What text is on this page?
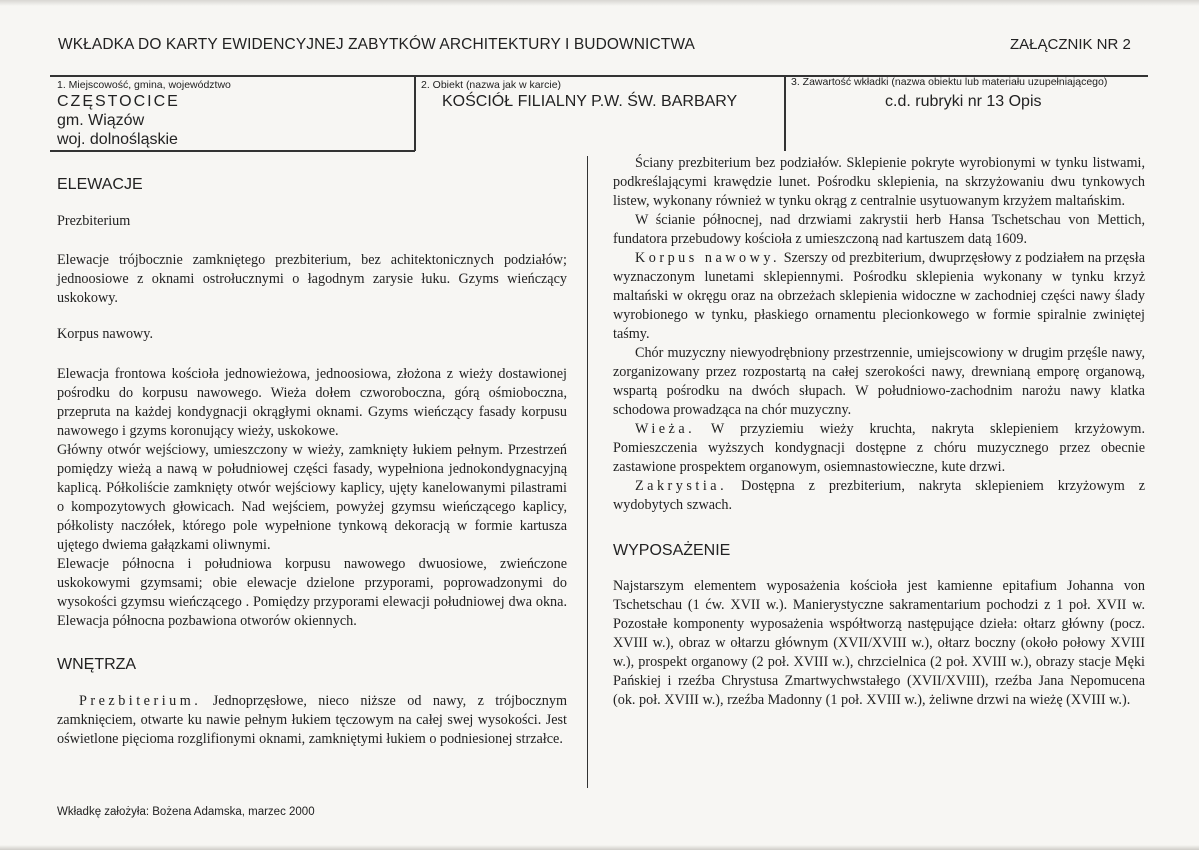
WKŁADKA DO KARTY EWIDENCYJNEJ ZABYTKÓW ARCHITEKTURY I BUDOWNICTWA	ZAŁĄCZNIK NR 2
1. Miejscowość, gmina, województwo
CZĘSTOCICE
gm. Wiązów
woj. dolnośląskie
2. Obiekt (nazwa jak w karcie)
KOŚCIÓŁ FILIALNY P.W. ŚW. BARBARY
3. Zawartość wkładki (nazwa obiektu lub materiału uzupełniającego)
c.d. rubryki nr 13 Opis
ELEWACJE
Prezbiterium
Elewacje trójbocznie zamkniętego prezbiterium, bez achitektonicznych podziałów; jednoosiowe z oknami ostrołucznymi o łagodnym zarysie łuku. Gzyms wieńczący uskokowy.
Korpus nawowy.

Elewacja frontowa kościoła jednowieżowa, jednoosiowa, złożona z wieży dostawionej pośrodku do korpusu nawowego. Wieża dołem czworoboczna, górą ośmioboczna, przepruta na każdej kondygnacji okrągłymi oknami. Gzyms wieńczący fasady korpusu nawowego i gzyms koronujący wieży, uskokowe.

Główny otwór wejściowy, umieszczony w wieży, zamknięty łukiem pełnym. Przestrzeń pomiędzy wieżą a nawą w południowej części fasady, wypełniona jednokondygnacyjną kaplicą. Półkoliście zamknięty otwór wejściowy kaplicy, ujęty kanelowanymi pilastrami o kompozytowych głowicach. Nad wejściem, powyżej gzymsu wieńczącego kaplicy, półkolisty naczółek, którego pole wypełnione tynkową dekoracją w formie kartusza ujętego dwiema gałązkami oliwnymi.

Elewacje północna i południowa korpusu nawowego dwuosiowe, zwieńczone uskokowymi gzymsami; obie elewacje dzielone przyporami, poprowadzonymi do wysokości gzymsu wieńczącego . Pomiędzy przyporami elewacji południowej dwa okna. Elewacja północna pozbawiona otworów okiennych.

WNĘTRZA
Prezbiterium. Jednoprzęsłowe, nieco niższe od nawy, z trójbocznym zamknięciem, otwarte ku nawie pełnym łukiem tęczowym na całej swej wysokości. Jest oświetlone pięcioma rozglifionymi oknami, zamkniętymi łukiem o podniesionej strzałce.

Ściany prezbiterium bez podziałów. Sklepienie pokryte wyrobionymi w tynku listwami, podkreślającymi krawędzie lunet. Pośrodku sklepienia, na skrzyżowaniu dwu tynkowych listew, wykonany również w tynku okrąg z centralnie usytuowanym krzyżem maltańskim.

W ścianie północnej, nad drzwiami zakrystii herb Hansa Tschetschau von Mettich, fundatora przebudowy kościoła z umieszczoną nad kartuszem datą 1609.

Korpus nawowy. Szerszy od prezbiterium, dwuprzęsłowy z podziałem na przęsła wyznaczonym lunetami sklepiennymi. Pośrodku sklepienia wykonany w tynku krzyż maltański w okręgu oraz na obrzeżach sklepienia widoczne w zachodniej części nawy ślady wyrobionego w tynku, płaskiego ornamentu plecionkowego w formie spiralnie zwiniętej taśmy.

Chór muzyczny niewyodrębniony przestrzennie, umiejscowiony w drugim przęśle nawy, zorganizowany przez rozpostartą na całej szerokości nawy, drewnianą emporę organową, wspartą pośrodku na dwóch słupach. W południowo-zachodnim narożu nawy klatka schodowa prowadząca na chór muzyczny.

Wieża. W przyziemiu wieży kruchta, nakryta sklepieniem krzyżowym. Pomieszczenia wyższych kondygnacji dostępne z chóru muzycznego przez obecnie zastawione prospektem organowym, osiemnastowieczne, kute drzwi.

Zakrystia. Dostępna z prezbiterium, nakryta sklepieniem krzyżowym z wydobytych szwach.

WYPOSAŻENIE
Najstarszym elementem wyposażenia kościoła jest kamienne epitafium Johanna von Tschetschau (1 ćw. XVII w.). Manierystyczne sakramentarium pochodzi z 1 poł. XVII w. Pozostałe komponenty wyposażenia współtworzą następujące dzieła: ołtarz główny (pocz. XVIII w.), obraz w ołtarzu głównym (XVII/XVIII w.), ołtarz boczny (około połowy XVIII w.), prospekt organowy (2 poł. XVIII w.), chrzcielnica (2 poł. XVIII w.), obrazy stacje Męki Pańskiej i rzeźba Chrystusa Zmartwychwstałego (XVII/XVIII), rzeźba Jana Nepomucena (ok. poł. XVIII w.), rzeźba Madonny (1 poł. XVIII w.), żeliwne drzwi na wieżę (XVIII w.).
Wkładkę założyła: Bożena Adamska, marzec 2000
